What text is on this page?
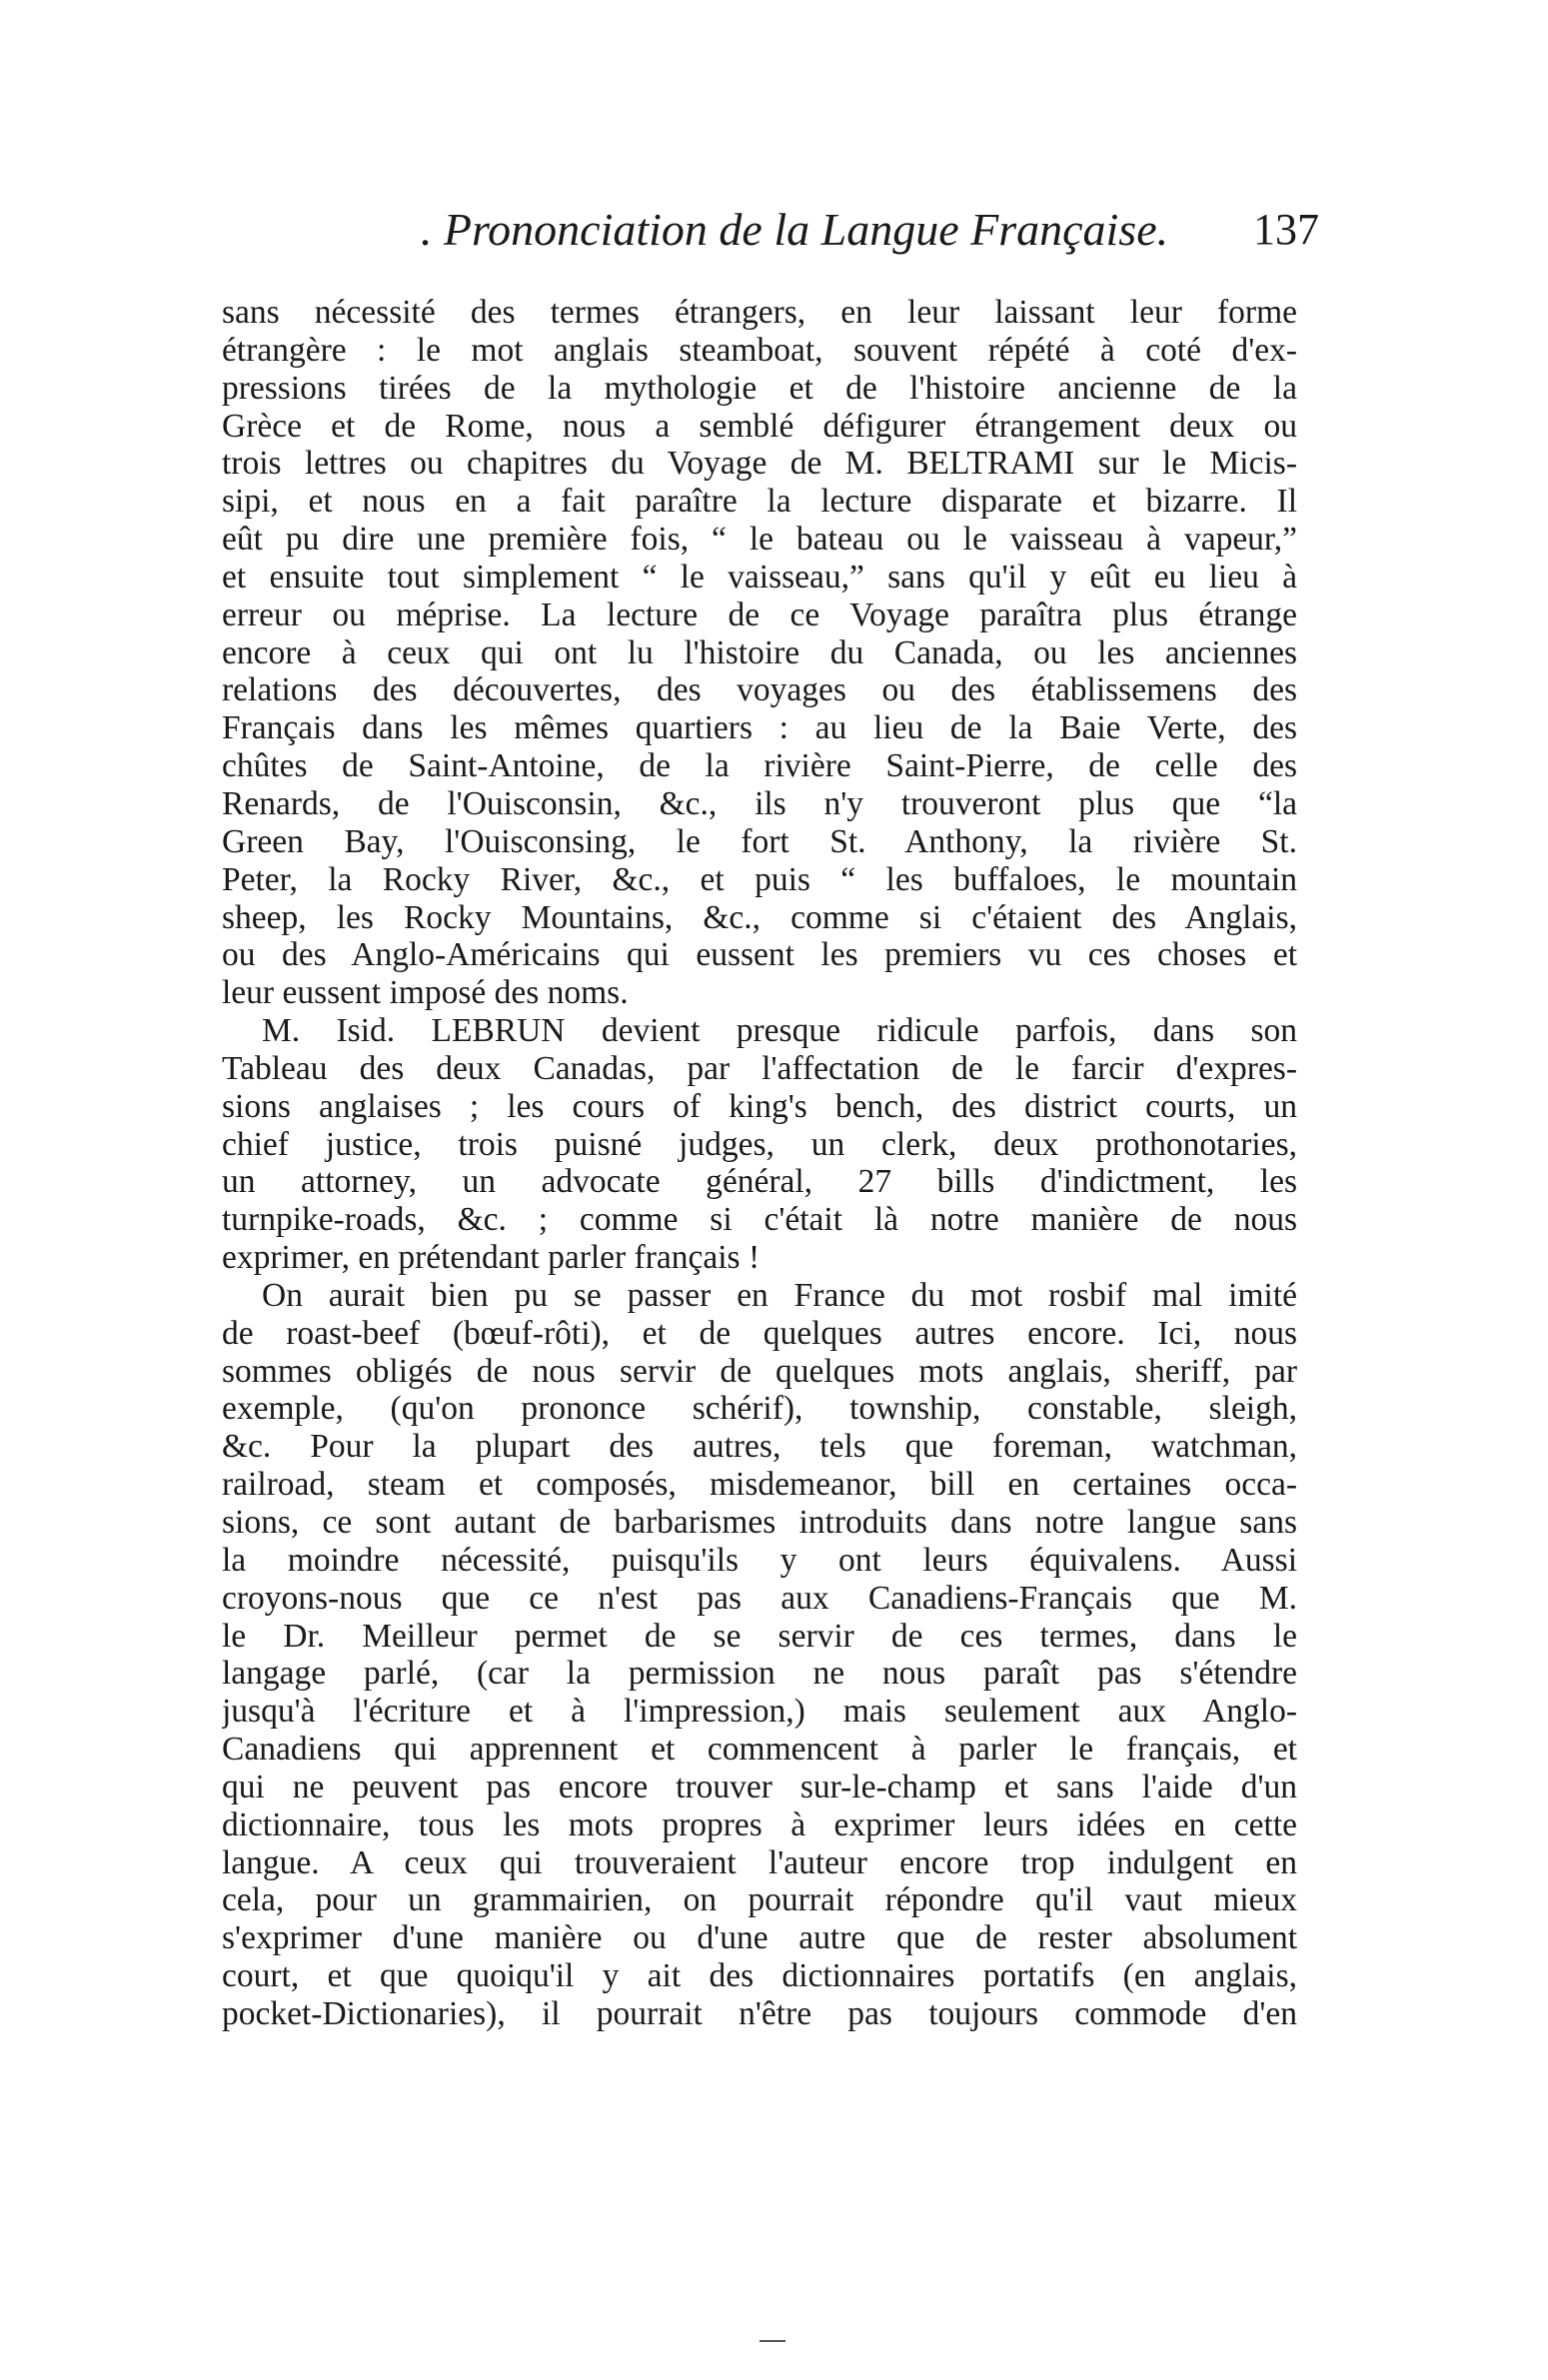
. Prononciation de la Langue Française.	137
sans nécessité des termes étrangers, en leur laissant leur forme
étrangère : le mot anglais steamboat, souvent répété à coté d'ex-
pressions tirées de la mythologie et de l'histoire ancienne de la
Grèce et de Rome, nous a semblé défigurer étrangement deux ou
trois lettres ou chapitres du Voyage de M. BELTRAMI sur le Micis-
sipi, et nous en a fait paraître la lecture disparate et bizarre. Il
eût pu dire une première fois, “ le bateau ou le vaisseau à vapeur,”
et ensuite tout simplement “ le vaisseau,” sans qu'il y eût eu lieu à
erreur ou méprise. La lecture de ce Voyage paraîtra plus étrange
encore à ceux qui ont lu l'histoire du Canada, ou les anciennes
relations des découvertes, des voyages ou des établissemens des
Français dans les mêmes quartiers : au lieu de la Baie Verte, des
chûtes de Saint-Antoine, de la rivière Saint-Pierre, de celle des
Renards, de l'Ouisconsin, &c., ils n'y trouveront plus que “la
Green Bay, l'Ouisconsing, le fort St. Anthony, la rivière St.
Peter, la Rocky River, &c., et puis “ les buffaloes, le mountain
sheep, les Rocky Mountains, &c., comme si c'étaient des Anglais,
ou des Anglo-Américains qui eussent les premiers vu ces choses et
leur eussent imposé des noms.
M. Isid. LEBRUN devient presque ridicule parfois, dans son
Tableau des deux Canadas, par l'affectation de le farcir d'expres-
sions anglaises ; les cours of king's bench, des district courts, un
chief justice, trois puisné judges, un clerk, deux prothonotaries,
un attorney, un advocate général, 27 bills d'indictment, les
turnpike-roads, &c. ; comme si c'était là notre manière de nous
exprimer, en prétendant parler français !
On aurait bien pu se passer en France du mot rosbif mal imité
de roast-beef (bœuf-rôti), et de quelques autres encore. Ici, nous
sommes obligés de nous servir de quelques mots anglais, sheriff, par
exemple, (qu'on prononce schérif), township, constable, sleigh,
&c. Pour la plupart des autres, tels que foreman, watchman,
railroad, steam et composés, misdemeanor, bill en certaines occa-
sions, ce sont autant de barbarismes introduits dans notre langue sans
la moindre nécessité, puisqu'ils y ont leurs équivalens. Aussi
croyons-nous que ce n'est pas aux Canadiens-Français que M.
le Dr. Meilleur permet de se servir de ces termes, dans le
langage parlé, (car la permission ne nous paraît pas s'étendre
jusqu'à l'écriture et à l'impression,) mais seulement aux Anglo-
Canadiens qui apprennent et commencent à parler le français, et
qui ne peuvent pas encore trouver sur-le-champ et sans l'aide d'un
dictionnaire, tous les mots propres à exprimer leurs idées en cette
langue. A ceux qui trouveraient l'auteur encore trop indulgent en
cela, pour un grammairien, on pourrait répondre qu'il vaut mieux
s'exprimer d'une manière ou d'une autre que de rester absolument
court, et que quoiqu'il y ait des dictionnaires portatifs (en anglais,
pocket-Dictionaries), il pourrait n'être pas toujours commode d'en
